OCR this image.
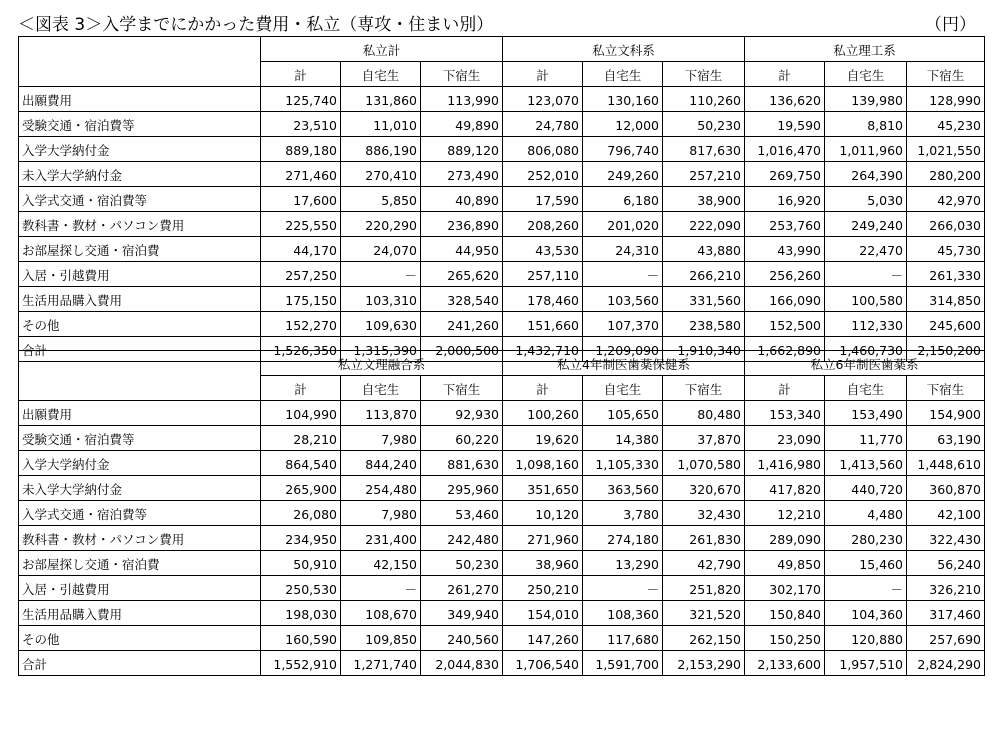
＜図表 3＞入学までにかかった費用・私立（専攻・住まい別）	（円）
	私立計			私立文科系			私立理工系		
	計	自宅生	下宿生	計	自宅生	下宿生	計	自宅生	下宿生
出願費用	125,740	131,860	113,990	123,070	130,160	110,260	136,620	139,980	128,990
受験交通・宿泊費等	23,510	11,010	49,890	24,780	12,000	50,230	19,590	8,810	45,230
入学大学納付金	889,180	886,190	889,120	806,080	796,740	817,630	1,016,470	1,011,960	1,021,550
未入学大学納付金	271,460	270,410	273,490	252,010	249,260	257,210	269,750	264,390	280,200
入学式交通・宿泊費等	17,600	5,850	40,890	17,590	6,180	38,900	16,920	5,030	42,970
教科書・教材・パソコン費用	225,550	220,290	236,890	208,260	201,020	222,090	253,760	249,240	266,030
お部屋探し交通・宿泊費	44,170	24,070	44,950	43,530	24,310	43,880	43,990	22,470	45,730
入居・引越費用	257,250	－	265,620	257,110	－	266,210	256,260	－	261,330
生活用品購入費用	175,150	103,310	328,540	178,460	103,560	331,560	166,090	100,580	314,850
その他	152,270	109,630	241,260	151,660	107,370	238,580	152,500	112,330	245,600
合計	1,526,350	1,315,390	2,000,500	1,432,710	1,209,090	1,910,340	1,662,890	1,460,730	2,150,200
	私立文理融合系			私立4年制医歯薬保健系			私立6年制医歯薬系		
	計	自宅生	下宿生	計	自宅生	下宿生	計	自宅生	下宿生
出願費用	104,990	113,870	92,930	100,260	105,650	80,480	153,340	153,490	154,900
受験交通・宿泊費等	28,210	7,980	60,220	19,620	14,380	37,870	23,090	11,770	63,190
入学大学納付金	864,540	844,240	881,630	1,098,160	1,105,330	1,070,580	1,416,980	1,413,560	1,448,610
未入学大学納付金	265,900	254,480	295,960	351,650	363,560	320,670	417,820	440,720	360,870
入学式交通・宿泊費等	26,080	7,980	53,460	10,120	3,780	32,430	12,210	4,480	42,100
教科書・教材・パソコン費用	234,950	231,400	242,480	271,960	274,180	261,830	289,090	280,230	322,430
お部屋探し交通・宿泊費	50,910	42,150	50,230	38,960	13,290	42,790	49,850	15,460	56,240
入居・引越費用	250,530	－	261,270	250,210	－	251,820	302,170	－	326,210
生活用品購入費用	198,030	108,670	349,940	154,010	108,360	321,520	150,840	104,360	317,460
その他	160,590	109,850	240,560	147,260	117,680	262,150	150,250	120,880	257,690
合計	1,552,910	1,271,740	2,044,830	1,706,540	1,591,700	2,153,290	2,133,600	1,957,510	2,824,290
